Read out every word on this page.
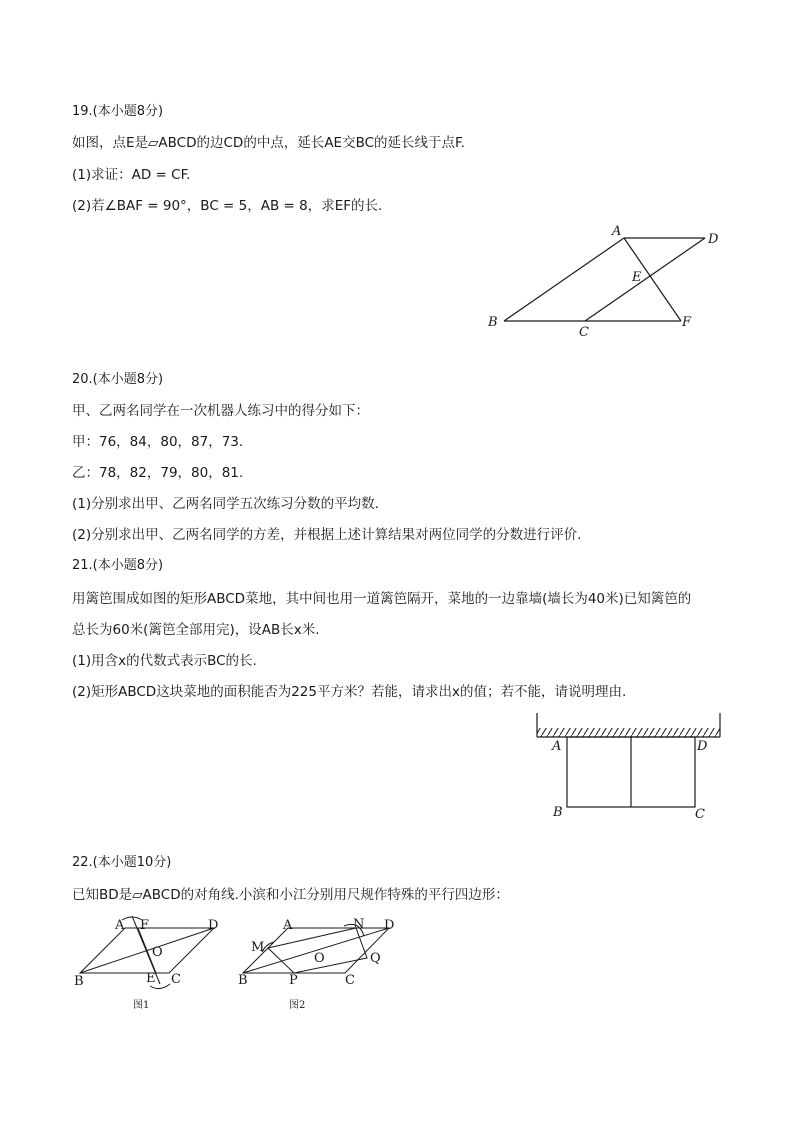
19.(本小题8分)
如图，点E是▱ABCD的边CD的中点，延长AE交BC的延长线于点F.
(1)求证：AD = CF.
(2)若∠BAF = 90°，BC = 5，AB = 8，求EF的长.
A
D
E
B
C
F
20.(本小题8分)
甲、乙两名同学在一次机器人练习中的得分如下：
甲：76，84，80，87，73.
乙：78，82，79，80，81.
(1)分别求出甲、乙两名同学五次练习分数的平均数.
(2)分别求出甲、乙两名同学的方差，并根据上述计算结果对两位同学的分数进行评价.
21.(本小题8分)
用篱笆围成如图的矩形ABCD菜地，其中间也用一道篱笆隔开，菜地的一边靠墙(墙长为40米)已知篱笆的
总长为60米(篱笆全部用完)，设AB长x米.
(1)用含x的代数式表示BC的长.
(2)矩形ABCD这块菜地的面积能否为225平方米？若能，请求出x的值；若不能，请说明理由.
A	D
B	C
22.(本小题10分)
已知BD是▱ABCD的对角线.小滨和小江分别用尺规作特殊的平行四边形：
A F	D
O
B	E C
图1
A	N D
M
O	Q
B	P	C
图2
